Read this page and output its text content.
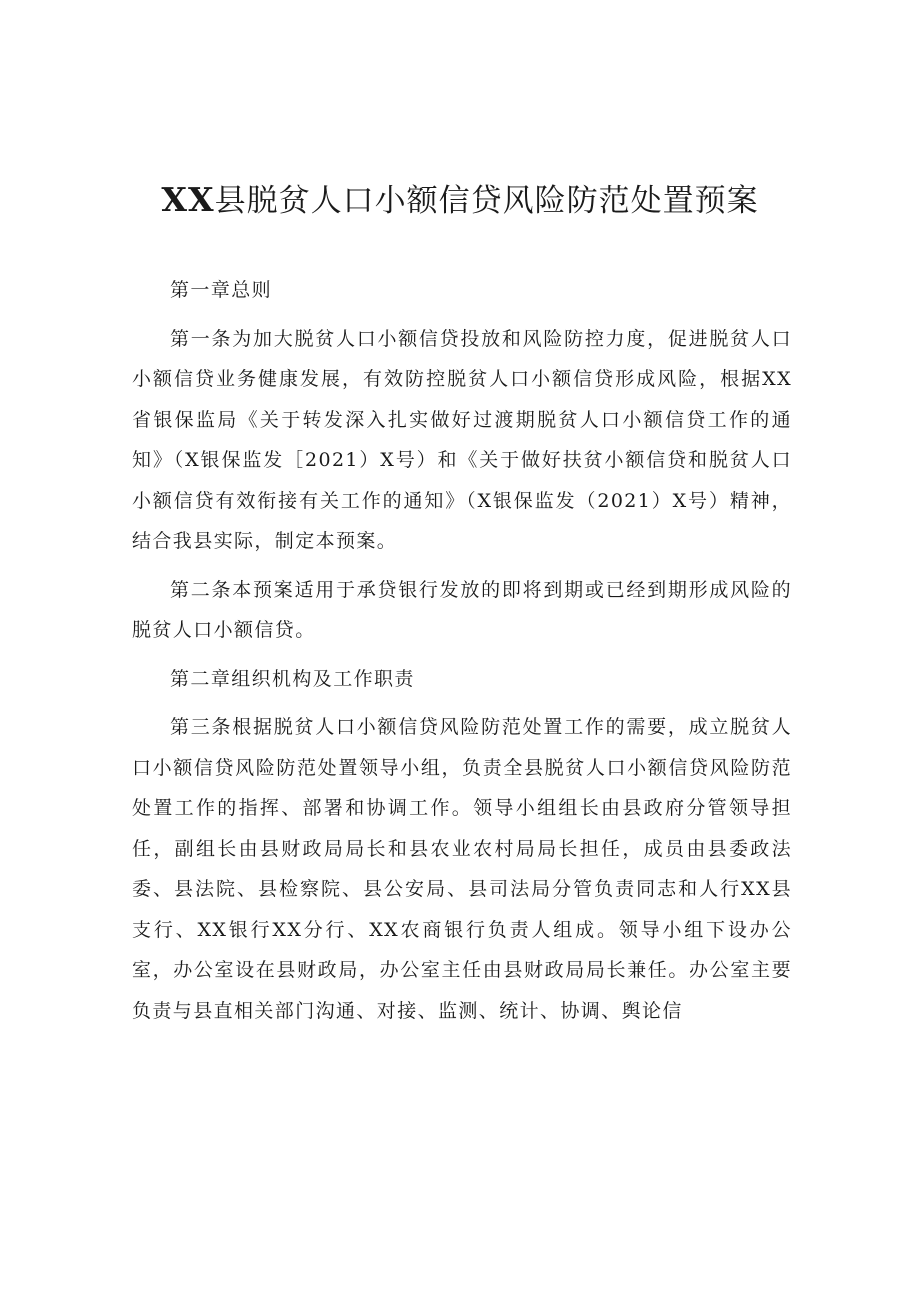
XX县脱贫人口小额信贷风险防范处置预案

第一章总则

第一条为加大脱贫人口小额信贷投放和风险防控力度，促进脱贫人口小额信贷业务健康发展，有效防控脱贫人口小额信贷形成风险，根据XX省银保监局《关于转发深入扎实做好过渡期脱贫人口小额信贷工作的通知》（X银保监发［2021）X号）和《关于做好扶贫小额信贷和脱贫人口小额信贷有效衔接有关工作的通知》（X银保监发（2021）X号）精神，结合我县实际，制定本预案。

第二条本预案适用于承贷银行发放的即将到期或已经到期形成风险的脱贫人口小额信贷。

第二章组织机构及工作职责

第三条根据脱贫人口小额信贷风险防范处置工作的需要，成立脱贫人口小额信贷风险防范处置领导小组，负责全县脱贫人口小额信贷风险防范处置工作的指挥、部署和协调工作。领导小组组长由县政府分管领导担任，副组长由县财政局局长和县农业农村局局长担任，成员由县委政法委、县法院、县检察院、县公安局、县司法局分管负责同志和人行XX县支行、XX银行XX分行、XX农商银行负责人组成。领导小组下设办公室，办公室设在县财政局，办公室主任由县财政局局长兼任。办公室主要负责与县直相关部门沟通、对接、监测、统计、协调、舆论信
